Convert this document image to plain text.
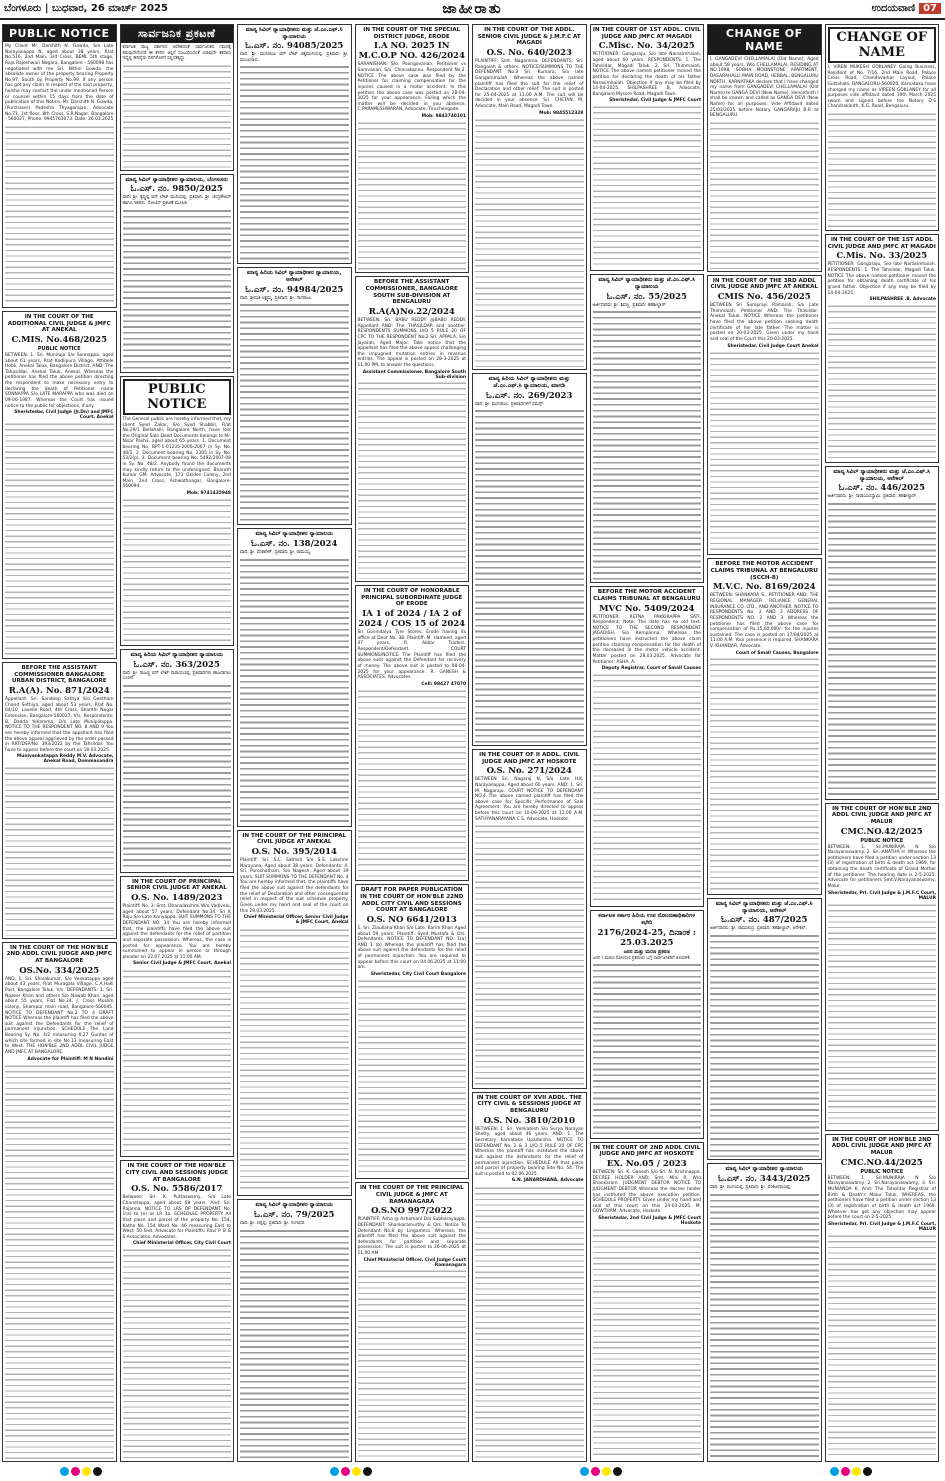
ಬೆಂಗಳೂರು | ಬುಧವಾರ, 26 ಮಾರ್ಚ್ 2025	ಜಾಹೀರಾತು	ಉದಯವಾಣಿ 07
PUBLIC NOTICE
My Client Mr. Darshith N. Gowda, S/o Late Narayanappa N, aged about 38 years, R/at No.516, 2nd Main, 3rd Cross, BEML 5th stage, Raja Rajeshwari Nagara, Bangalore - 560098 has negotiated with me Sri. Nithin Gowda. the absolute owner of the property bearing Property No.97, South by Property No.99. If any person has got any claim in respect of the said property, he/she may contact the under mentioned Person or counsel within 15 days from the date of publication of this Notice. Mr. Darshith N. Gowda, (Purchaser) Padesha Thyagarajan, Advocate No.71, 1st floor, 8th Cross, S.R.Nagar, Bangalore - 560027, Phone: 9945763073. Date: 26.03.2025
IN THE COURT OF THE ADDITIONAL CIVIL JUDGE & JMFC AT ANEKAL
C.MIS. No.468/2025
PUBLIC NOTICE
BETWEEN: 1. Sri. Muniraju S/o Sonnappa, aged about 61 years, R/at Kodlipura Village, Attibele Hobli, Anekal Taluk, Bangalore District. AND: The Tahasildar, Anekal Taluk, Anekal. Whereas the petitioner has filed the above petition directing the respondent to make necessary entry to declaring the death of Petitioner name SONNAPPA S/o LATE MARAPPA who was died on 09-06-1987. Whereas the Court has issued notice to the public for objections, if any.
Sheristedar, Civil Judge (Jr.Dn) and JMFC Court, Anekal
BEFORE THE ASSISTANT COMMISSIONER BANGALORE URBAN DISTRICT, BANGALORE
R.A(A). No. 871/2024
Appellant: Sri. Sandeep Sathya S/o Geetham Chand Sethiya, aged about 53 years, R/at No. 64/10, Lavelle Road, 4th Cross, Shanthi Nagar Extension, Bangalore-560027. V/s. Respondents: B. Dadda Yellamma, D/o Late Munipillappa. NOTICE TO THE RESPONDENT NO. 8 AND 9 You are hereby informed that the appellant has filed the above appeal aggrieved by the order passed in RRT/DSP/No. 393/2022 by the Tahsildar. You have to appear before the court on 18.03.2025.
Munivenkatappa Reddy M.V, Advocate, Anekal Road, Dommasandra
IN THE COURT OF THE HON'BLE 2ND ADDL CIVIL JUDGE AND JMFC AT BANGALORE
OS.No. 334/2025
AND, 1. Sri. Shivakumar, S/o Venkatappa aged about 43 years, R/at Muragala Village, C.A.Halli Post, Bangalore Taluk. V/s. DEFENDANTS: 1. Sri. Nazeer Khan and others S/o Nawab Khan, aged about 55 years, Flat No.34, J. Cross Muslim colony, Shampur main road, Bangalore-560045. NOTICE TO DEFENDANT No.2 TO 4 DRAFT NOTICE Whereas the plaintiff has filed the above suit against the Defendants for the relief of permanent injunction. SCHEDULE The Land Bearing Sy. No. 4/2 measuring 0.27 Guntas of which site formed in site No.13 measuring East to West. THE HON'BLE 2ND ADDL CIVIL JUDGE AND JMFC AT BANGALORE.
Advocate for Plaintiff: M N Nandini
ಸಾರ್ವಜನಿಕ ಪ್ರಕಟಣೆ
ಕರ್ನಾಟಕ ರಾಜ್ಯ ಸರ್ಕಾರದ ಆದೇಶದಂತೆ ಸಾರ್ವಜನಿಕರ ಗಮನಕ್ಕೆ ತರುವುದೇನೆಂದರೆ ಈ ಕೆಳಗಿನ ಆಸ್ತಿಗೆ ಸಂಬಂಧಿಸಿದಂತೆ ಯಾವುದೇ ತಕರಾರು ಇದ್ದಲ್ಲಿ ಹದಿನೈದು ದಿನಗಳೊಳಗೆ ಸಲ್ಲಿಸತಕ್ಕದ್ದು.
ಮಾನ್ಯ ಸಿವಿಲ್ ನ್ಯಾಯಾಧೀಶರ ನ್ಯಾಯಾಲಯ, ಬೆಂಗಳೂರು
ಓ.ಎಸ್. ನಂ. 9850/2025
ವಾದಿ: ಶ್ರೀ. ಕೃಷ್ಣಪ್ಪ ಬಿನ್ ಲೇಟ್ ಮುನಿಯಪ್ಪ. ಪ್ರತಿವಾದಿ: ಶ್ರೀ. ಚಂದ್ರಶೇಖರ್ ಹಾಗೂ ಇತರರು. ನೋಟಿಸ್ ಪ್ರಕಟಣೆ ಮೂಲಕ.
PUBLIC NOTICE
The General public are hereby informed that, my client Syed Zakar, S/o Syed Shabbir, R/at No.29/1 Bellahalli, Bangalore North, have lost the Original Sale Deed Documents belongs to Mr. Nisar Pasha, aged about 65 years. 1. Document bearing No. BPT-1-01235-2006-2007 in Sy. No. 48/1. 2. Document bearing No. 2305 in Sy. No. 53/2(p). 3. Document bearing No. 5492/2007-08 in Sy. No. 48/2. Anybody found the documents may kindly return to the undersigned. Bharath Kumar GM, Advocate, 173 Oxides Colony, 2nd Main, 2nd Cross, Ashwathnagar, Bangalore-560094.
Mob: 9741435948
ಮಾನ್ಯ ಹಿರಿಯ ಸಿವಿಲ್ ನ್ಯಾಯಾಧೀಶರ ನ್ಯಾಯಾಲಯ
ಓ.ಎಸ್. ನಂ. 363/2025
ವಾದಿ: ಶ್ರೀ. ರಾಜಣ್ಣ ಬಿನ್ ಲೇಟ್ ನಾರಾಯಣಪ್ಪ. ಪ್ರತಿವಾದಿಗಳು ಹಾಜರಾಗಲು ಸೂಚನೆ.
IN THE COURT OF PRINCIPAL SENIOR CIVIL JUDGE AT ANEKAL
O.S. No. 1489/2023
Plaintiff: No. 3: Smt. Dhanalakshmi W/o Vadivelu, aged about 57 years. Defendant No.34: Sri K Raju S/o Late Kariyappa. SUIT SUMMONS TO THE DEFENDANT NO. 34 You are hereby informed that, the plaintiffs have filed the above suit against the defendants for the relief of partition and separate possession. Whereas, the case is posted for appearance. You are hereby summoned to appear in person or through pleader on 22.07.2025 at 11:00 AM.
Senior Civil Judge & JMFC Court, Anekal
IN THE COURT OF THE HON'BLE CITY CIVIL AND SESSIONS JUDGE AT BANGALORE
O.S. No. 5586/2017
Between: Sri. K. Puttaswamy, S/o Late Chandrappa, aged about 68 years. And: Sri. Rajanna. NOTICE TO LRS OF DEFENDANT No. 1(a) to (e) as LR 1a. SCHEDULE PROPERTY All that piece and parcel of the property No. 154, Katha No. 154 Ward No. 46 measuring East to West: 50 feet. Advocate for Plaintiffs: Ravi P. B & S Associates, Advocates.
Chief Ministerial Officer, City Civil Court
ಮಾನ್ಯ ಸಿವಿಲ್ ನ್ಯಾಯಾಧೀಶರು ಮತ್ತು ಜೆ.ಎಂ.ಎಫ್.ಸಿ ನ್ಯಾಯಾಲಯ
ಓ.ಎಸ್. ನಂ. 94085/2025
ವಾದಿ: ಶ್ರೀ. ಮುನಿರಾಜು ಬಿನ್ ಲೇಟ್ ಚಿಕ್ಕಮುನಿಯಪ್ಪ. ಪ್ರತಿವಾದಿ: ಶ್ರೀ. ಮಂಜುನಾಥ.
ಮಾನ್ಯ ಹಿರಿಯ ಸಿವಿಲ್ ನ್ಯಾಯಾಧೀಶರ ನ್ಯಾಯಾಲಯ, ಆನೇಕಲ್
ಓ.ಎಸ್. ನಂ. 94984/2025
ವಾದಿ: ಶ್ರೀಮತಿ ಲಕ್ಷ್ಮಮ್ಮ. ಪ್ರತಿವಾದಿ: ಶ್ರೀ. ನಾಗರಾಜು.
ಮಾನ್ಯ ಸಿವಿಲ್ ನ್ಯಾಯಾಧೀಶರ ನ್ಯಾಯಾಲಯ
ಓ.ಎಸ್. ನಂ. 138/2024
ವಾದಿ: ಶ್ರೀ. ವೆಂಕಟೇಶ್. ಪ್ರತಿವಾದಿ: ಶ್ರೀ. ರಾಮಯ್ಯ.
IN THE COURT OF THE PRINCIPAL CIVIL JUDGE AT ANEKAL
O.S. No. 395/2014
Plaintiff: Sri. S.L. Sathish S/o S.S. Lakshmi Narayana, Aged about 38 years. Defendants: 4. Sri. Puroshotham, S/o Nagesh, Aged about 39 years. SUIT SUMMONS TO THE DEFENDANT No. 4 You are hereby informed that, the plaintiffs have filed the above suit against the defendants for the relief of Declaration and other consequential relief in respect of the suit schedule property. Given under my hand and seal of the court on this 29.03.2025.
Chief Ministerial Officer, Senior Civil Judge & JMFC Court, Anekal
ಮಾನ್ಯ ಸಿವಿಲ್ ನ್ಯಾಯಾಧೀಶರ ನ್ಯಾಯಾಲಯ
ಓ.ಎಸ್. ನಂ. 79/2025
ವಾದಿ: ಶ್ರೀ. ಚನ್ನಪ್ಪ. ಪ್ರತಿವಾದಿ: ಶ್ರೀ. ಗಂಗಾಧರ.
IN THE COURT OF THE SPECIAL DISTRICT JUDGE, ERODE
I.A NO. 2025 IN M.C.O.P NO. 426/2024
SARANISHAN, S/o. Poongovanan. Petitioner vs Sarovanan, S/o. Chinnakannu. Respondent No.2. NOTICE The above case was filed by the Petitioner for claiming compensation for the injuries caused in a motor accident. In this petition the above case was posted on 28-04-2025 for your appearance. Failing which the matter will be decided in you absence. C.PARAMESHWARAN, Advocate, Tiruchengode.
Mob: 9843740101
BEFORE THE ASSISTANT COMMISSIONER, BANGALORE SOUTH SUB-DIVISION AT BENGALURU
R.A(A)No.22/2024
BETWEEN: Sri. BABU REDDY @BABU REDDY. Appellant AND: The THASILDAR and another. RESPONDENTS SUMMONS U/O 5 RULE 20 OF CPC TO THE RESPONDENT No.2 Sri. APPALA, S/o Jayarah, Aged Major. Take notice that the appellant has filed the above appeal challenging the impugned mutation entries in revenue entries. The appeal is posted on 28-3-2025 at 11.00 PM, to answer the questions.
Assistant Commissioner, Bangalore South Sub-division
IN THE COURT OF HONORABLE PRINCIPAL SUBORDINATE JUDGE OF ERODE
IA 1 of 2024 / IA 2 of 2024 / COS 15 of 2024
Sri Govindaiya Tyre Stores, Erode having its office at Door No. 38. Plaintiff. M. Hameed, aged 47 years, R. Akbar Traders. Respondent/Defendant. COURT SUMMONS/NOTICE The Plaintiff has filed the above suits against the Defendant for recovery of money. The above suit is posted to 08-04-2025 for your appearance. R. GANESH & ASSOCIATES, Advocates.
Cell: 98427 47070
DRAFT FOR PAPER PUBLICATION IN THE COURT OF HON'BLE 22ND ADDL CITY CIVIL AND SESSIONS COURT AT BANGALORE
O.S. NO 6641/2013
1. Sri. Ziaullaha Khan S/o Late. Karim Khan Aged about 59 years. Plaintiff. Syed Mustafa & Ors. Defendants. NOTICE TO DEFENDANT NO. 1(a) AND 1 (b) Whereas the plaintiff has filed the above suit against the defendants for the relief of permanent injunction. You are required to appear before this court on 04.06.2025 at 11:00 am.
Sheristedar, City Civil Court Bangalore
IN THE COURT OF THE PRINCIPAL CIVIL JUDGE & JMFC AT RAMANAGARA
O.S.NO 997/2022
PLAINTIFF: Asha @ Ashamani D/o Subbarayappa. DEFENDANT: Shankaramurthy & Ors. Notice To Defendant No.8 by Lingamma. Whereas, the plaintiff has filed the above suit against the defendants for partition and separate possession. The suit is posted to 26-06-2025 at 11.00 AM.
Chief Ministerial Officer, Civil Judge Court Ramanagara
IN THE COURT OF THE ADDL. SENIOR CIVIL JUDGE & J.M.F.C AT MAGADI
O.S. No. 640/2023
PLAINTIFF: Smt. Nagamma. DEFENDANTS: Sri. Rangaiah & others. NOTICE/SUMMONS TO THE DEFENDANT No.3 Sri. Kumara, S/o late Gangammaiah. Whereas the above named plaintiff has filed the suit for the relief of Declaration and other relief. The suit is posted for 25-04-2025 at 11.00 A.M. The suit will be decided in your absence. Sri. CHETAN. M, Advocate, Main Road, Magadi Town.
Mob: 9845512328
ಮಾನ್ಯ ಹಿರಿಯ ಸಿವಿಲ್ ನ್ಯಾಯಾಧೀಶರು ಮತ್ತು ಜೆ.ಎಂ.ಎಫ್.ಸಿ ನ್ಯಾಯಾಲಯ, ಮಾಗಡಿ
ಓ.ಎಸ್. ನಂ. 269/2023
ವಾದಿ: ಶ್ರೀ. ಮುನಿರಾಜು. ಪ್ರತಿವಾದಿಗಳಿಗೆ ಸಮನ್ಸ್.
IN THE COURT OF II ADDL. CIVIL JUDGE AND JMFC AT HOSKOTE
O.S. No. 271/2024
BETWEEN Sri. Nagaraj N, S/o. Late H.K. Narayanappa, Aged about 60 years. AND: 1. Sri. M. Nagaraju. COURT NOTICE TO DEFENDANT NO.4 The above named plaintiff has filed the above case for Specific Performance of Sale Agreement. You are hereby directed to appear before this court on 10-09-2025 at 11.00 A.M. SATHYANARAYANA C.S, Advocate, Hoskote.
IN THE COURT OF XVII ADDL. THE CITY CIVIL & SESSIONS JUDGE AT BENGALURU
O.S. No. 3810/2010
BETWEEN: 1. Sri. Venkatesh S/o Surya Narayan Shetty, aged about 46 years. AND: 1. The Secretary Karnataka Upadarsha. NOTICE TO DEFENDANT No. 2 & 3 U/O 5 RULE 20 OF CPC Whereas the plaintiff has instituted the above suit against the defendants for the relief of permanent injunction. SCHEDULE All that piece and parcel of property bearing Site No. 54. The suit is posted to 02.06.2025.
G.N. JANARDHANA, Advocate
IN THE COURT OF 1ST ADDL. CIVIL JUDGE AND JMFC AT MAGADI
C.Misc. No. 34/2025
PETITIONER: Gangaraju, S/o late Narasimhaiah, aged about 60 years. RESPONDENTS: 1. The Tahsildar, Magadi Taluk. 2. Sri. Thimmaiah. NOTICE The above named petitioner moved the petition for declaring the death of his father Narasimhaiah. Objection if any may be filed by 14-04-2025. SHILPASHREE .B, Advocate, Bangalore Mysore Road, Magadi Town.
Sheristedar, Civil Judge & JMFC Court
ಮಾನ್ಯ ಸಿವಿಲ್ ನ್ಯಾಯಾಧೀಶರು ಮತ್ತು ಜೆ.ಎಂ.ಎಫ್.ಸಿ ನ್ಯಾಯಾಲಯ
ಓ.ಎಸ್. ನಂ. 55/2025
ಅರ್ಜಿದಾರರು: ಶ್ರೀ. ಶಿವಣ್ಣ. ಪ್ರತಿವಾದಿ: ತಹಶೀಲ್ದಾರ್.
BEFORE THE MOTOR ACCIDENT CLAIMS TRIBUNAL AT BENGALURU
MVC No. 5409/2024
PETITIONER: RETNA PAKKIRAPPA SATI. Respondent: Note: The date has no old text. NOTICE TO THE SECOND RESPONDENT JAGADISH, S/o Kempanna. Whereas the petitioners have instructed the above claim petition claiming compensation for the death of the deceased in the motor vehicle accident. Matter posted on 28.03.2025. Advocate for Petitioner: ASHA. A.
Deputy Registrar, Court of Small Causes
ಕರ್ನಾಟಕ ಸರ್ಕಾರ ಹಿರಿಯ ಉಪ ನೋಂದಣಾಧಿಕಾರಿಗಳ ಕಛೇರಿ
2176/2024-25, ದಿನಾಂಕ : 25.03.2025
ಜನನ ಮತ್ತು ಮರಣ ಪ್ರಕರಣ
ಜನನ / ಮರಣ ನೋಂದಣಿ ಪ್ರಕರಣದ ಬಗ್ಗೆ ಸಾರ್ವಜನಿಕರಿಗೆ ತಿಳುವಳಿಕೆ.
IN THE COURT OF 2ND ADDL CIVIL JUDGE AND JMFC AT HOSKOTE
EX. No.05 / 2023
BETWEEN: Sri. K. Ganesh S/o Sri. N. Krishnappa. DECREE HOLDER AND: Smt. Mini R. W/o Shankaram. JUDGMENT DEBTOR NOTICE TO JUDGMENT DEBTOR Whereas the decree holder has instituted the above execution petition. SCHEDULE PROPERTY. Given under my hand and seal of this court on this 24-03-2025. M. GOWTHAM, Advocate, Hoskote.
Sheristedar, 2nd Civil Judge & JMFC Court Hoskote
CHANGE OF NAME
I, GANGADEVI CHELLAMALAI (Old Name), Aged about 58 years, W/o CHELLAMALAI, RESIDING AT NO.1098, SOBHA MOONSTONE APARTMENT, DASARAHALLI MAIN ROAD, HEBBAL, BENGALURU NORTH, KARNATAKA declare that I have changed my name from GANGADEVI CHELLAMALAI (Old Name) to GANGA DEVI (New Name). Henceforth I shall be known and called as GANGA DEVI (New Name) for all purposes. Vide Affidavit dated 25/03/2025 before Notary GANGARAJU B.R at BENGALURU.
IN THE COURT OF THE 3RD ADDL CIVIL JUDGE AND JMFC AT ANEKAL
CMIS No. 456/2025
BETWEEN Sri Sumprayi Ramaiah, S/o Late Thimmaiah. Petitioner AND: The Thasildar, Anekal Taluk. NOTICE Whereas the petitioner have filed the above petition seeking death certificate of her late father. The matter is posted on 20-03-2025. Given under my hand and seal of the Court this 20-03-2025.
Sheristedar, Civil Judge Court Anekal
BEFORE THE MOTOR ACCIDENT CLAIMS TRIBUNAL AT BENGALURU (SCCH-8)
M.V.C. No. 8169/2024
BETWEEN: SHANKARA S., PETITIONER AND: THE REGIONAL MANAGER RELIANCE GENERAL INSURANCE CO. LTD., AND ANOTHER. NOTICE TO RESPONDENTS No. 2 AND 3 ADDRESS OF RESPONDENTS NO. 2 AND 3 Whereas the petitioner has filed the above case for compensation of Rs.15,00,000/- for the injuries sustained. The case is posted on 17/04/2025 at 11:00 A.M. Your presence is required. SHANKARA V. KHANDAR, Advocate.
Court of Small Causes, Bangalore
ಮಾನ್ಯ ಸಿವಿಲ್ ನ್ಯಾಯಾಧೀಶರು ಮತ್ತು ಜೆ.ಎಂ.ಎಫ್.ಸಿ ನ್ಯಾಯಾಲಯ, ಆನೇಕಲ್
ಓ.ಎಸ್. ನಂ. 487/2025
ಅರ್ಜಿದಾರರು: ಶ್ರೀ. ರಾಮಚಂದ್ರ. ಪ್ರತಿವಾದಿ: ತಹಶೀಲ್ದಾರ್, ಆನೇಕಲ್.
ಮಾನ್ಯ ಸಿವಿಲ್ ನ್ಯಾಯಾಧೀಶರ ನ್ಯಾಯಾಲಯ
ಓ.ಎಸ್. ನಂ. 3443/2025
ವಾದಿ: ಶ್ರೀ. ಮುನಿಯಪ್ಪ. ಪ್ರತಿವಾದಿ: ಶ್ರೀ. ವೆಂಕಟರಮಣಪ್ಪ.
CHANGE OF NAME
I, VIREN MUKESH GOKLANEY Going Business, Resident of No. 7/16, 2nd Main Road, Palace Cross Road, Chandavarkar Layout, Palace Guttahalli, BANGALORU-560020, Karnataka have changed my name as VIREEN GOKLANEY for all purposes vide affidavit dated 19th March 2025 sworn and signed before the Notary D.S Chandrakanth, K.G. Road, Bengaluru.
IN THE COURT OF THE 1ST ADDL CIVIL JUDGE AND JMFC AT MAGADI
C.Mis. No. 33/2025
PETITIONER: Gangaraju, S/o late Narasimhaiah. RESPONDENTS: 1. The Tahsildar, Magadi Taluk. NOTICE The above named petitioner moved the petition for obtaining death certificate of his grand father. Objection if any may be filed by 14-04-2025.
SHILPASHREE .B, Advocate
ಮಾನ್ಯ ಸಿವಿಲ್ ನ್ಯಾಯಾಧೀಶರು ಮತ್ತು ಜೆ.ಎಂ.ಎಫ್.ಸಿ ನ್ಯಾಯಾಲಯ, ಆನೇಕಲ್
ಓ.ಎಸ್. ನಂ. 446/2025
ಅರ್ಜಿದಾರರು: ಶ್ರೀ. ನಾರಾಯಣಸ್ವಾಮಿ. ಪ್ರತಿವಾದಿ: ತಹಶೀಲ್ದಾರ್.
IN THE COURT OF HON'BLE 2ND ADDL CIVIL JUDGE AND JMFC AT MALUR
CMC.NO.42/2025
PUBLIC NOTICE
BETWEEN: 1. Sri.MUNIRAJA N S/o Narayanaswamy. 2. Sri. ANATHA H. Whereas the petitioners have filed a petition under section 13 (3) of registration of birth & death act 1969, for obtaining the death certificate of Grand Mother of the petitioner. The hearing date is 2-5-2025. Advocate for petitioners Smt.V.Narayanaswamy, Malur.
Sheristedar, Prl. Civil Judge & J.M.F.C Court, MALUR
IN THE COURT OF HON'BLE 2ND ADDL CIVIL JUDGE AND JMFC AT MALUR
CMC.NO.44/2025
PUBLIC NOTICE
BETWEEN: 1. Sri.MUNIRAJA N S/o Narayanaswamy. 2. Sri.Narayanaswamy, 3. Sri. MUNIANDA K. And: The Tahsildar Registrar of Birth & Death's Malur Taluk. WHEREAS, the petitioners have filed a petition under section 13 (3) of registration of birth & death act 1969. Whoever has got any objection may appear before the court on 2-5-2025.
Sheristedar, Prl. Civil Judge & J.M.F.C Court, MALUR
